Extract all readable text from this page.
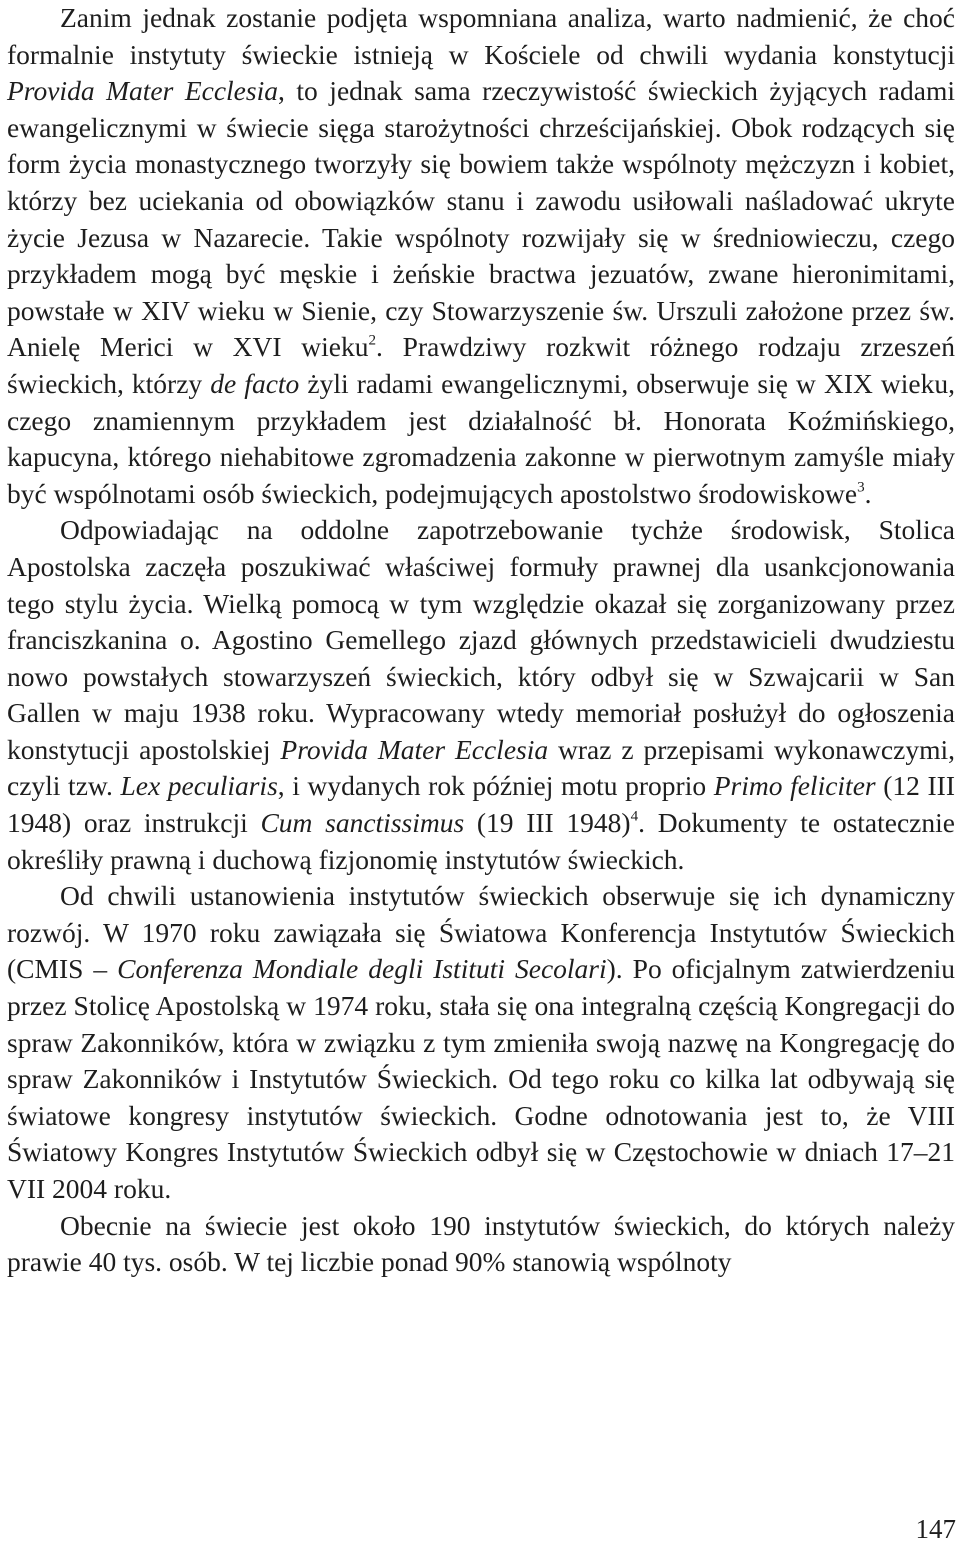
Zanim jednak zostanie podjęta wspomniana analiza, warto nadmienić, że choć formalnie instytuty świeckie istnieją w Kościele od chwili wydania konstytucji Provida Mater Ecclesia, to jednak sama rzeczywistość świeckich żyjących radami ewangelicznymi w świecie sięga starożytności chrześcijańskiej. Obok rodzących się form życia monastycznego tworzyły się bowiem także wspólnoty mężczyzn i kobiet, którzy bez uciekania od obowiązków stanu i zawodu usiłowali naśladować ukryte życie Jezusa w Nazarecie. Takie wspólnoty rozwijały się w średniowieczu, czego przykładem mogą być męskie i żeńskie bractwa jezuatów, zwane hieronimitami, powstałe w XIV wieku w Sienie, czy Stowarzyszenie św. Urszuli założone przez św. Anielę Merici w XVI wieku$^2$. Prawdziwy rozkwit różnego rodzaju zrzeszeń świeckich, którzy de facto żyli radami ewangelicznymi, obserwuje się w XIX wieku, czego znamiennym przykładem jest działalność bł. Honorata Koźmińskiego, kapucyna, którego niehabitowe zgromadzenia zakonne w pierwotnym zamyśle miały być wspólnotami osób świeckich, podejmujących apostolstwo środowiskowe$^3$.

Odpowiadając na oddolne zapotrzebowanie tychże środowisk, Stolica Apostolska zaczęła poszukiwać właściwej formuły prawnej dla usankcjonowania tego stylu życia. Wielką pomocą w tym względzie okazał się zorganizowany przez franciszkanina o. Agostino Gemellego zjazd głównych przedstawicieli dwudziestu nowo powstałych stowarzyszeń świeckich, który odbył się w Szwajcarii w San Gallen w maju 1938 roku. Wypracowany wtedy memoriał posłużył do ogłoszenia konstytucji apostolskiej Provida Mater Ecclesia wraz z przepisami wykonawczymi, czyli tzw. Lex peculiaris, i wydanych rok później motu proprio Primo feliciter (12 III 1948) oraz instrukcji Cum sanctissimus (19 III 1948)$^4$. Dokumenty te ostatecznie określiły prawną i duchową fizjonomię instytutów świeckich.

Od chwili ustanowienia instytutów świeckich obserwuje się ich dynamiczny rozwój. W 1970 roku zawiązała się Światowa Konferencja Instytutów Świeckich (CMIS – Conferenza Mondiale degli Istituti Secolari). Po oficjalnym zatwierdzeniu przez Stolicę Apostolską w 1974 roku, stała się ona integralną częścią Kongregacji do spraw Zakonników, która w związku z tym zmieniła swoją nazwę na Kongregację do spraw Zakonników i Instytutów Świeckich. Od tego roku co kilka lat odbywają się światowe kongresy instytutów świeckich. Godne odnotowania jest to, że VIII Światowy Kongres Instytutów Świeckich odbył się w Częstochowie w dniach 17–21 VII 2004 roku.

Obecnie na świecie jest około 190 instytutów świeckich, do których należy prawie 40 tys. osób. W tej liczbie ponad 90% stanowią wspólnoty

147
